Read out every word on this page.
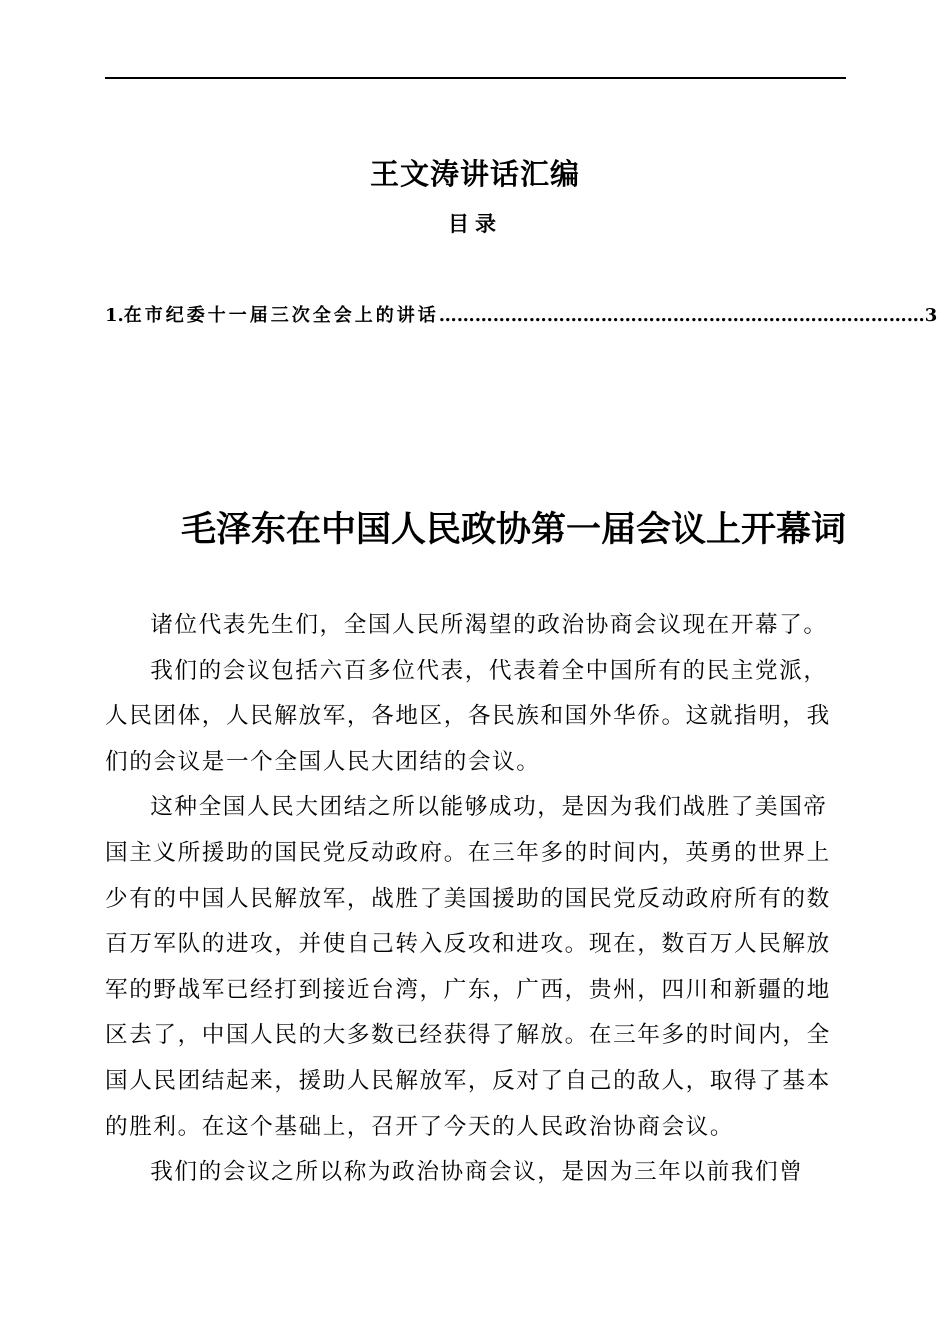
王文涛讲话汇编
目录
1. 在市纪委十一届三次全会上的讲话 ……………………………………………………………………… 3
毛泽东在中国人民政协第一届会议上开幕词

诸位代表先生们，全国人民所渴望的政治协商会议现在开幕了。

我们的会议包括六百多位代表，代表着全中国所有的民主党派，人民团体，人民解放军，各地区，各民族和国外华侨。这就指明，我们的会议是一个全国人民大团结的会议。

这种全国人民大团结之所以能够成功，是因为我们战胜了美国帝国主义所援助的国民党反动政府。在三年多的时间内，英勇的世界上少有的中国人民解放军，战胜了美国援助的国民党反动政府所有的数百万军队的进攻，并使自己转入反攻和进攻。现在，数百万人民解放军的野战军已经打到接近台湾，广东，广西，贵州，四川和新疆的地区去了，中国人民的大多数已经获得了解放。在三年多的时间内，全国人民团结起来，援助人民解放军，反对了自己的敌人，取得了基本的胜利。在这个基础上，召开了今天的人民政治协商会议。

我们的会议之所以称为政治协商会议，是因为三年以前我们曾
